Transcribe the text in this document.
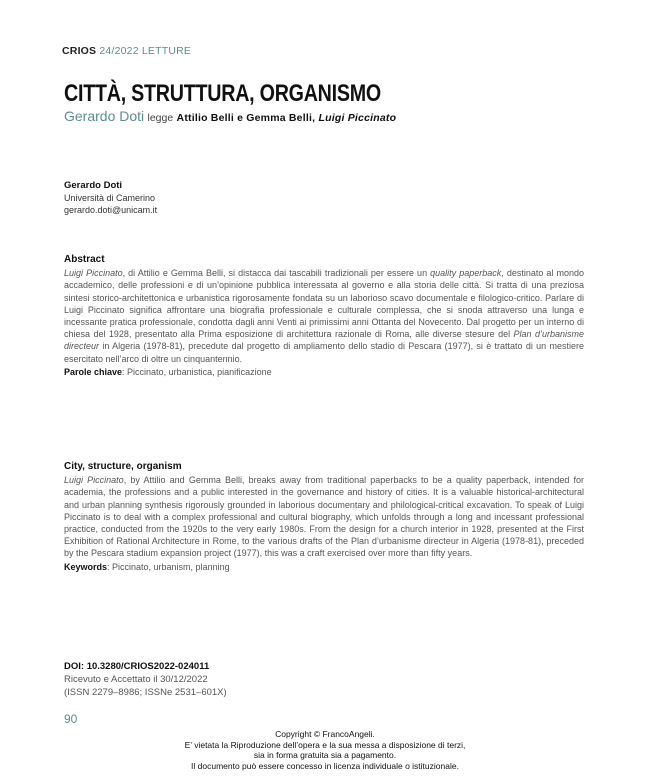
CRIOS 24/2022 LETTURE
CITTÀ, STRUTTURA, ORGANISMO
Gerardo Doti legge Attilio Belli e Gemma Belli, Luigi Piccinato
Gerardo Doti
Università di Camerino
gerardo.doti@unicam.it
Abstract

Luigi Piccinato, di Attilio e Gemma Belli, si distacca dai tascabili tradizionali per essere un quality paperback, destinato al mondo accademico, delle professioni e di un’opinione pubblica interessata al governo e alla storia delle città. Si tratta di una preziosa sintesi storico-architettonica e urbanistica rigorosamente fondata su un laborioso scavo documentale e filologico-critico. Parlare di Luigi Piccinato significa affrontare una biografia professionale e culturale complessa, che si snoda attraverso una lunga e incessante pratica professionale, condotta dagli anni Venti ai primissimi anni Ottanta del Novecento. Dal progetto per un interno di chiesa del 1928, presentato alla Prima esposizione di architettura razionale di Roma, alle diverse stesure del Plan d’urbanisme directeur in Algeria (1978-81), precedute dal progetto di ampliamento dello stadio di Pescara (1977), si è trattato di un mestiere esercitato nell’arco di oltre un cinquantennio.

Parole chiave: Piccinato, urbanistica, pianificazione

City, structure, organism

Luigi Piccinato, by Attilio and Gemma Belli, breaks away from traditional paperbacks to be a quality paperback, intended for academia, the professions and a public interested in the governance and history of cities. It is a valuable historical-architectural and urban planning synthesis rigorously grounded in laborious documentary and philological-critical excavation. To speak of Luigi Piccinato is to deal with a complex professional and cultural biography, which unfolds through a long and incessant professional practice, conducted from the 1920s to the very early 1980s. From the design for a church interior in 1928, presented at the First Exhibition of Rational Architecture in Rome, to the various drafts of the Plan d’urbanisme directeur in Algeria (1978-81), preceded by the Pescara stadium expansion project (1977), this was a craft exercised over more than fifty years.

Keywords: Piccinato, urbanism, planning

DOI: 10.3280/CRIOS2022-024011
Ricevuto e Accettato il 30/12/2022
(ISSN 2279–8986; ISSNe 2531–601X)
90
Copyright © FrancoAngeli.
E’ vietata la Riproduzione dell’opera e la sua messa a disposizione di terzi,
sia in forma gratuita sia a pagamento.
Il documento può essere concesso in licenza individuale o istituzionale.
